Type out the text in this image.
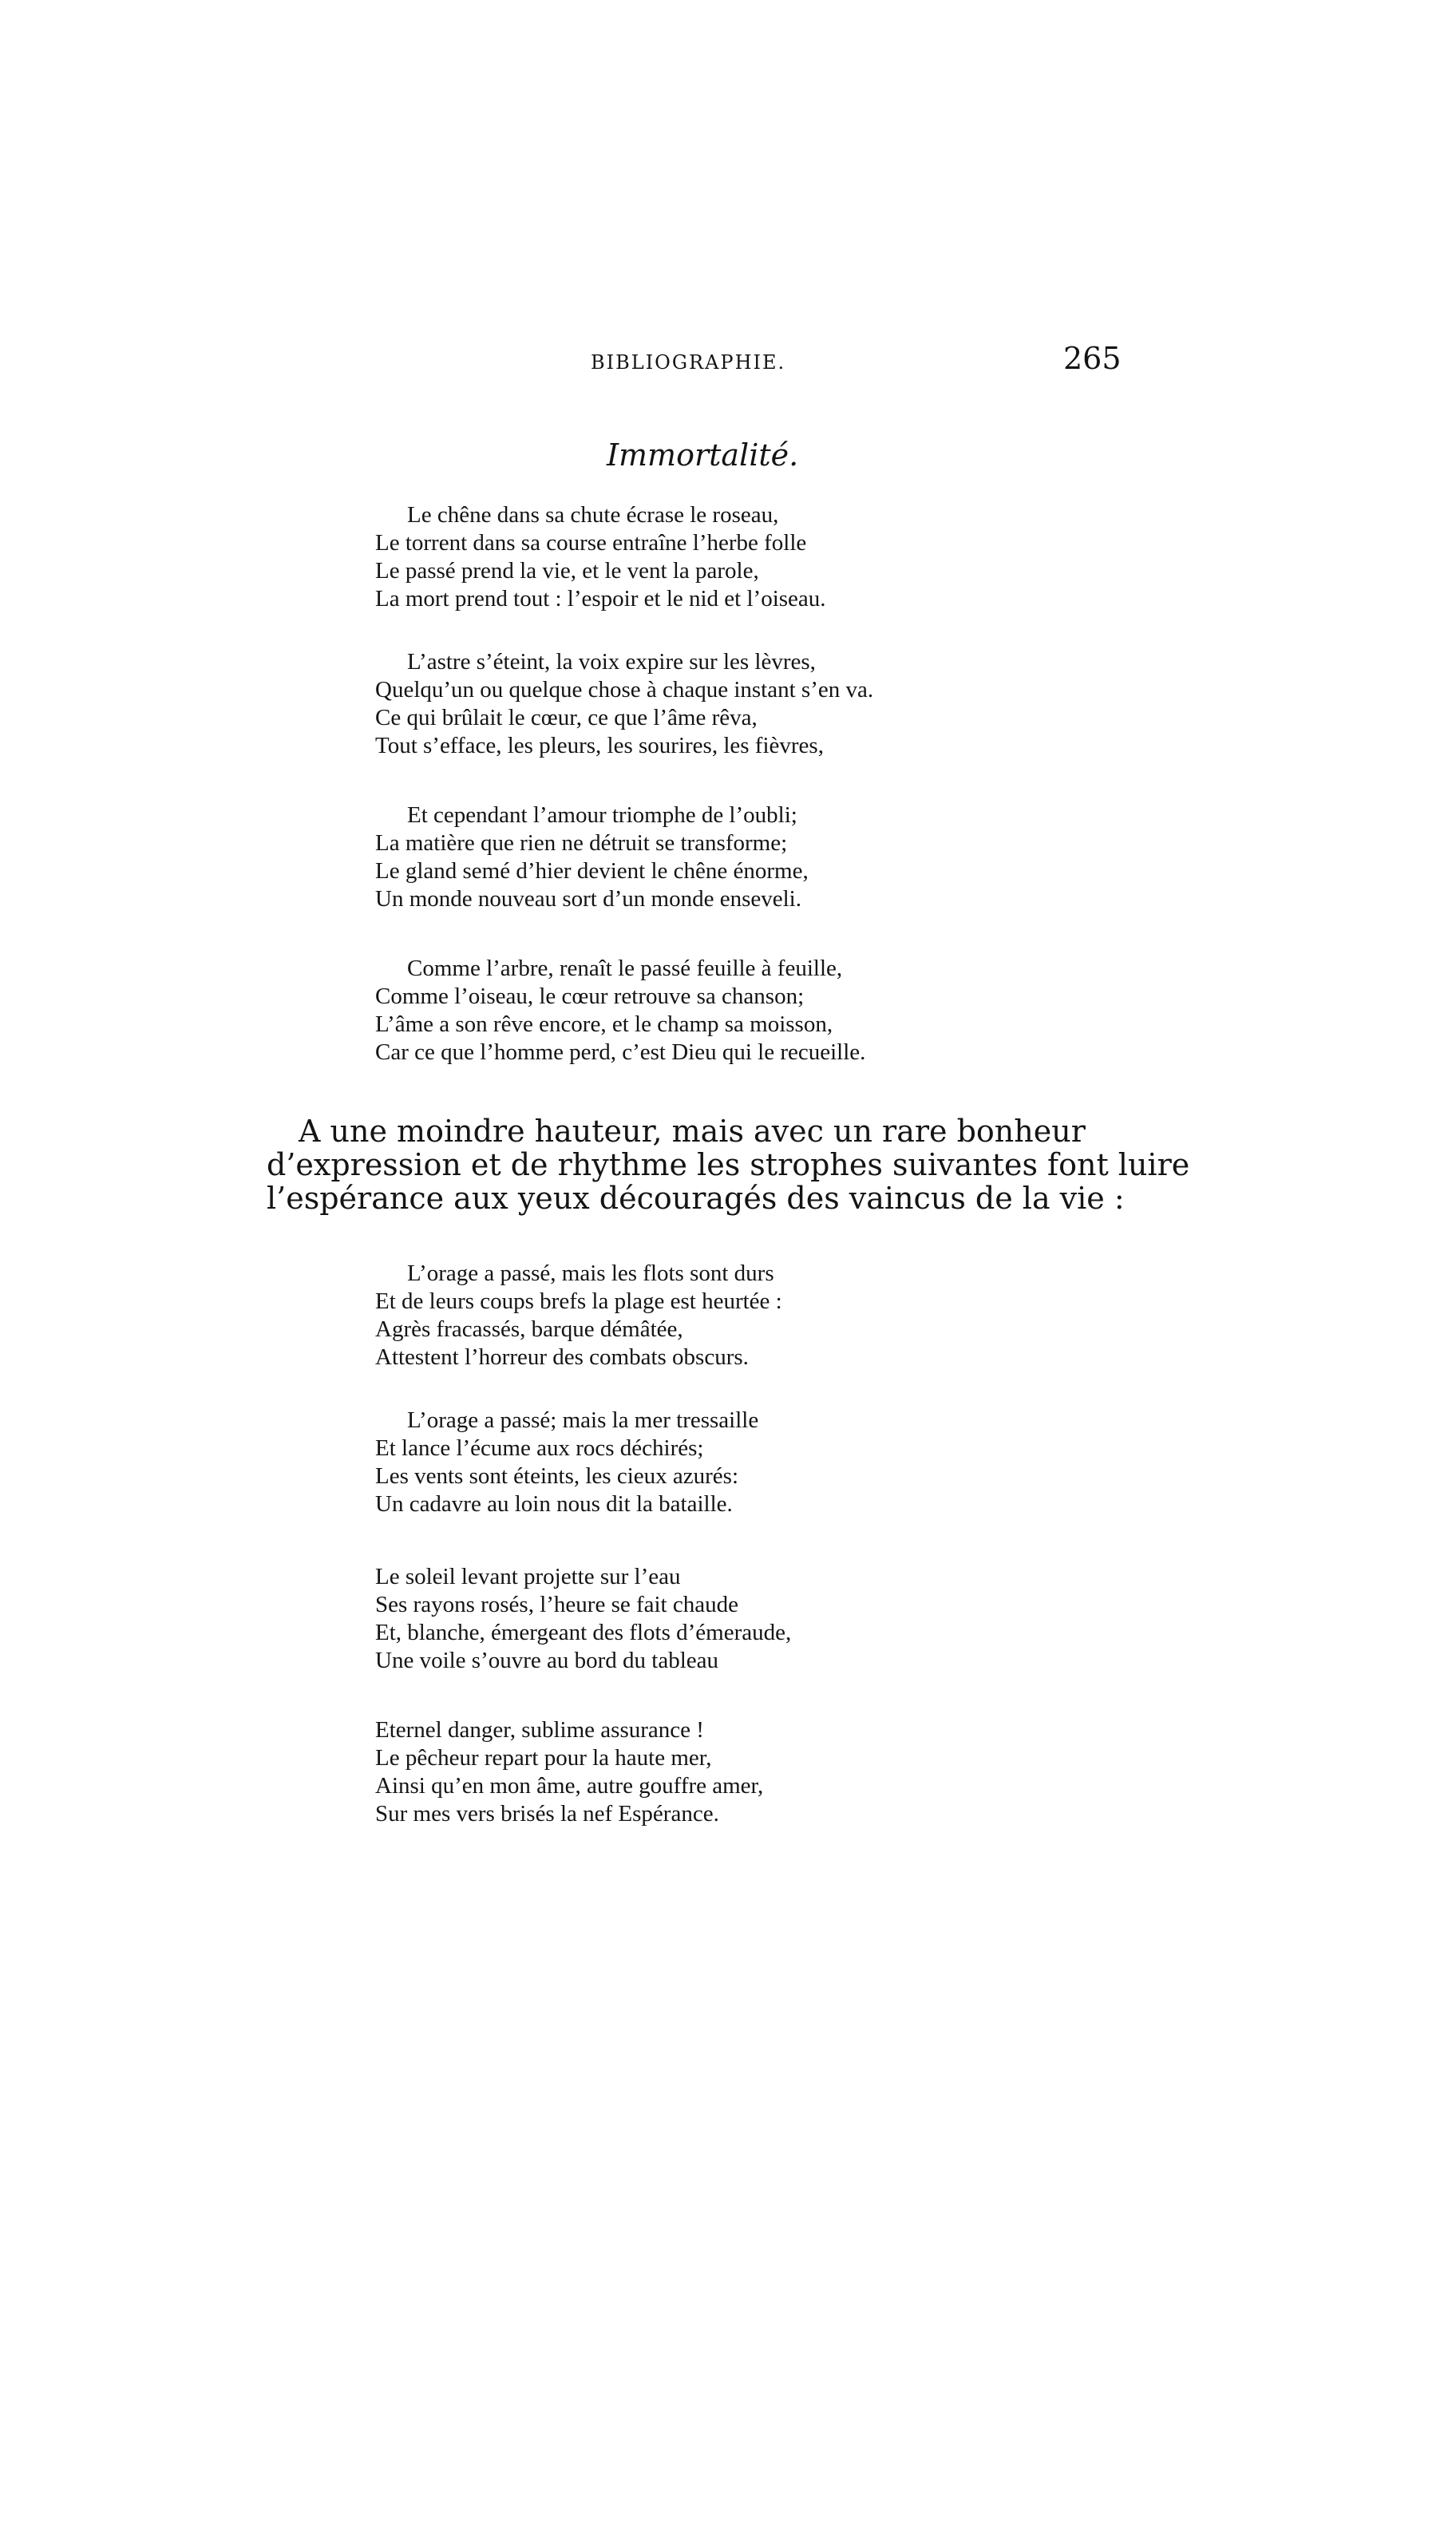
BIBLIOGRAPHIE.	265
Immortalité.
Le chêne dans sa chute écrase le roseau,
Le torrent dans sa course entraîne l’herbe folle
Le passé prend la vie, et le vent la parole,
La mort prend tout : l’espoir et le nid et l’oiseau.
L’astre s’éteint, la voix expire sur les lèvres,
Quelqu’un ou quelque chose à chaque instant s’en va.
Ce qui brûlait le cœur, ce que l’âme rêva,
Tout s’efface, les pleurs, les sourires, les fièvres,
Et cependant l’amour triomphe de l’oubli;
La matière que rien ne détruit se transforme;
Le gland semé d’hier devient le chêne énorme,
Un monde nouveau sort d’un monde enseveli.
Comme l’arbre, renaît le passé feuille à feuille,
Comme l’oiseau, le cœur retrouve sa chanson;
L’âme a son rêve encore, et le champ sa moisson,
Car ce que l’homme perd, c’est Dieu qui le recueille.
A une moindre hauteur, mais avec un rare bonheur
d’expression et de rhythme les strophes suivantes font luire
l’espérance aux yeux découragés des vaincus de la vie :
L’orage a passé, mais les flots sont durs
Et de leurs coups brefs la plage est heurtée :
Agrès fracassés, barque démâtée,
Attestent l’horreur des combats obscurs.
L’orage a passé; mais la mer tressaille
Et lance l’écume aux rocs déchirés;
Les vents sont éteints, les cieux azurés:
Un cadavre au loin nous dit la bataille.
Le soleil levant projette sur l’eau
Ses rayons rosés, l’heure se fait chaude
Et, blanche, émergeant des flots d’émeraude,
Une voile s’ouvre au bord du tableau
Eternel danger, sublime assurance !
Le pêcheur repart pour la haute mer,
Ainsi qu’en mon âme, autre gouffre amer,
Sur mes vers brisés la nef Espérance.
